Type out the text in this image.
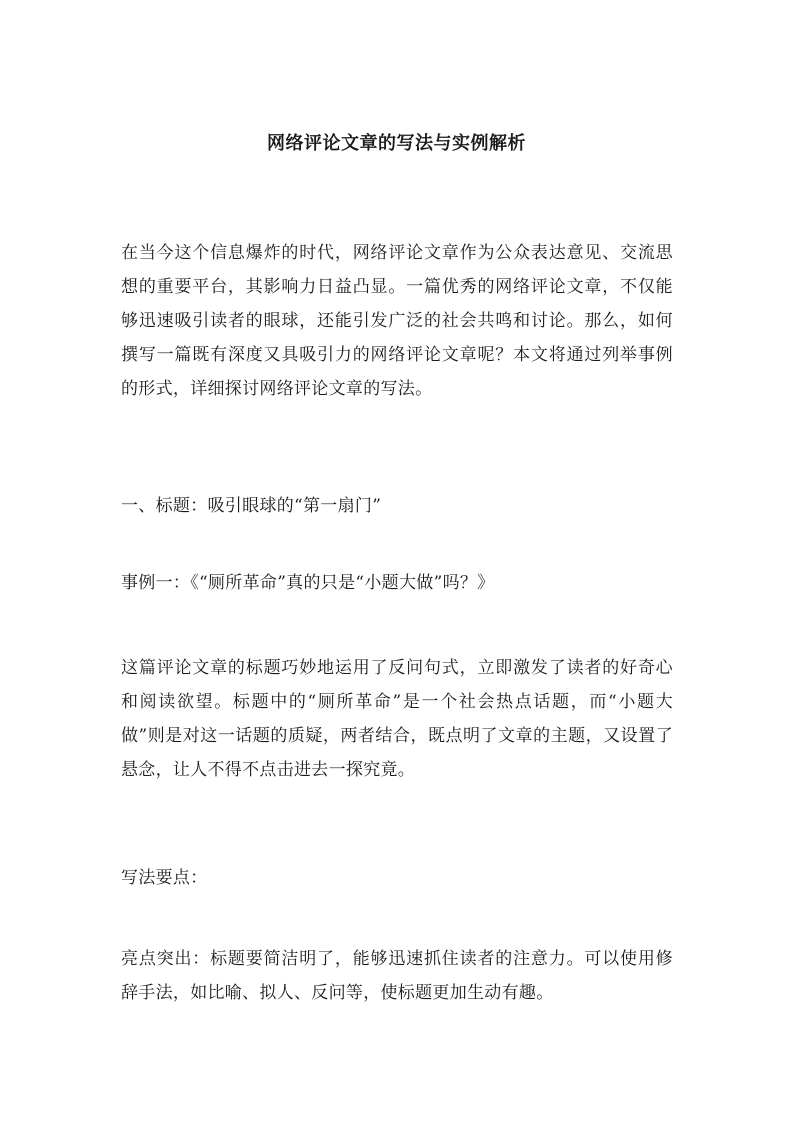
网络评论文章的写法与实例解析
在当今这个信息爆炸的时代，网络评论文章作为公众表达意见、交流思想的重要平台，其影响力日益凸显。一篇优秀的网络评论文章，不仅能够迅速吸引读者的眼球，还能引发广泛的社会共鸣和讨论。那么，如何撰写一篇既有深度又具吸引力的网络评论文章呢？本文将通过列举事例的形式，详细探讨网络评论文章的写法。
一、标题：吸引眼球的“第一扇门”
事例一：《“厕所革命”真的只是“小题大做”吗？》
这篇评论文章的标题巧妙地运用了反问句式，立即激发了读者的好奇心和阅读欲望。标题中的“厕所革命”是一个社会热点话题，而“小题大做”则是对这一话题的质疑，两者结合，既点明了文章的主题，又设置了悬念，让人不得不点击进去一探究竟。
写法要点：
亮点突出：标题要简洁明了，能够迅速抓住读者的注意力。可以使用修辞手法，如比喻、拟人、反问等，使标题更加生动有趣。
